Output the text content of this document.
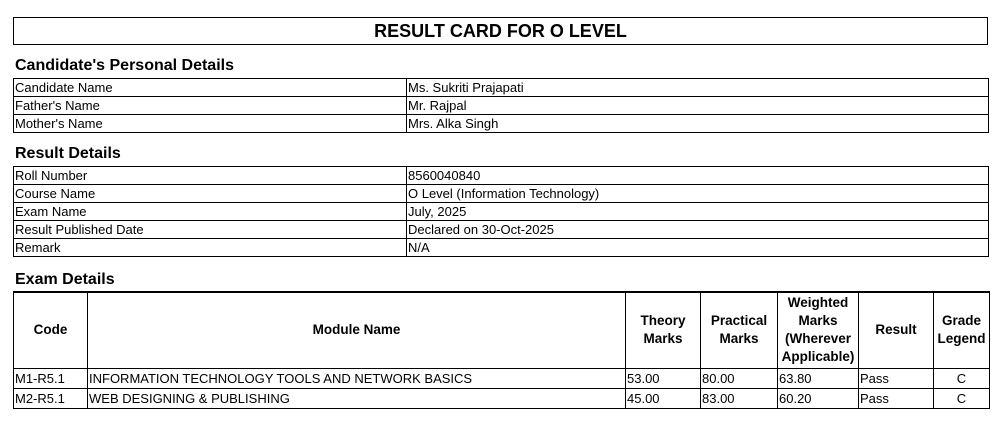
RESULT CARD FOR O LEVEL
Candidate's Personal Details
Candidate Name	Ms. Sukriti Prajapati
Father's Name	Mr. Rajpal
Mother's Name	Mrs. Alka Singh
Result Details
Roll Number	8560040840
Course Name	O Level (Information Technology)
Exam Name	July, 2025
Result Published Date	Declared on 30-Oct-2025
Remark	N/A
Exam Details
Code	Module Name	Theory Marks	Practical Marks	Weighted Marks (Wherever Applicable)	Result	Grade Legend
M1-R5.1	INFORMATION TECHNOLOGY TOOLS AND NETWORK BASICS	53.00	80.00	63.80	Pass	C
M2-R5.1	WEB DESIGNING & PUBLISHING	45.00	83.00	60.20	Pass	C
